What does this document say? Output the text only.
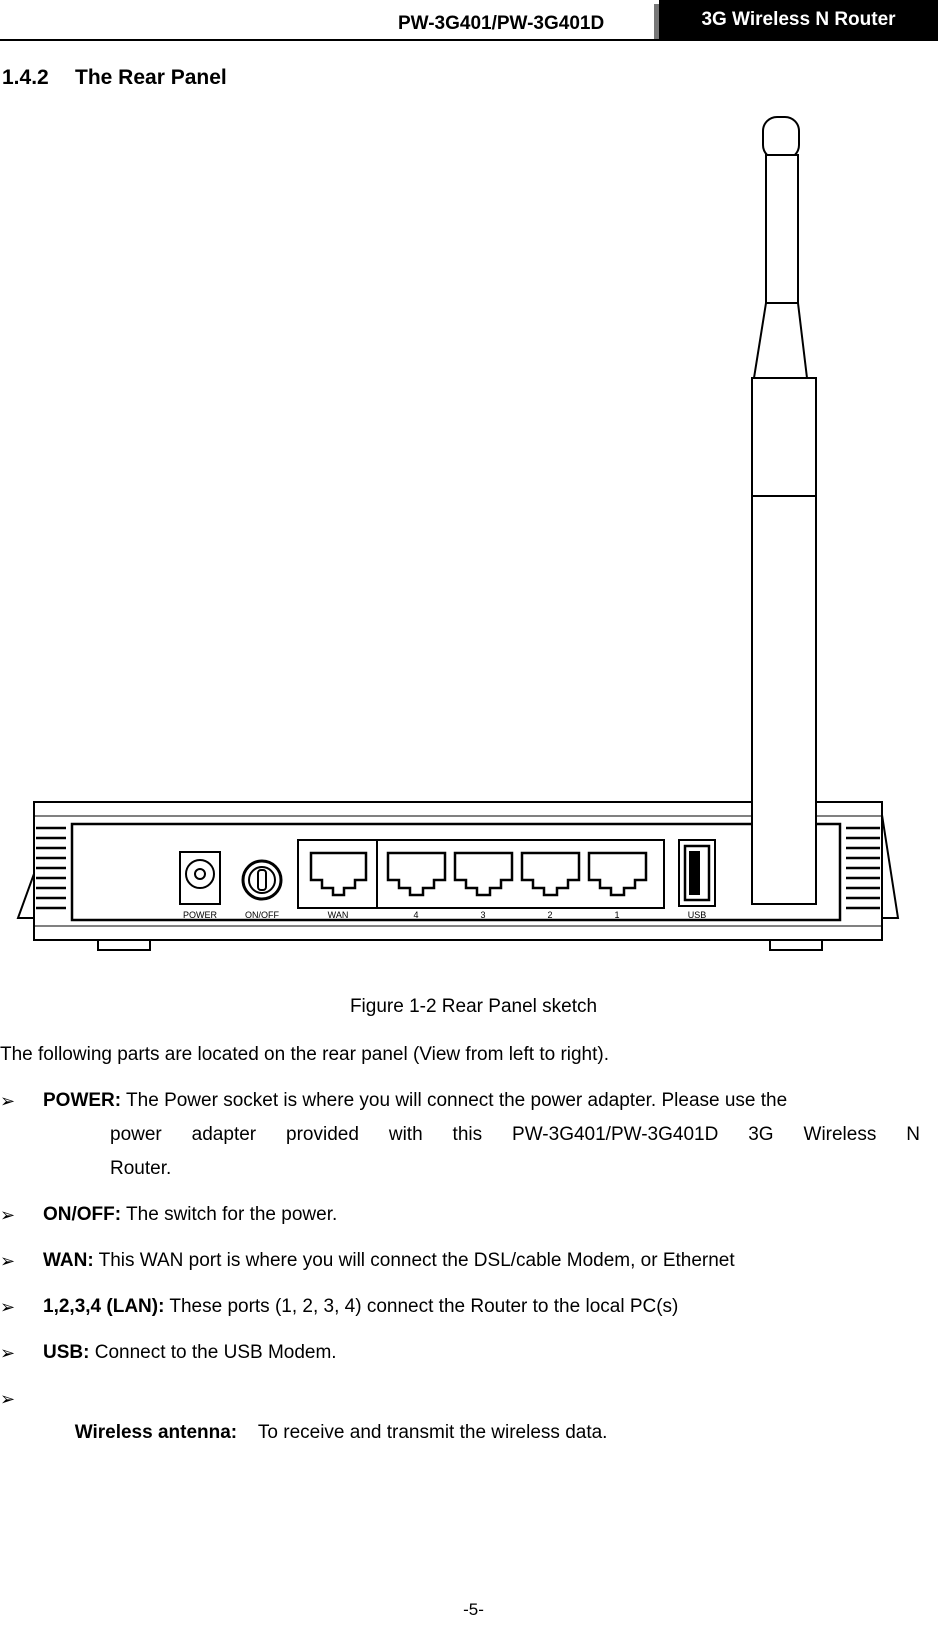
PW-3G401/PW-3G401D	3G Wireless N Router
1.4.2 The Rear Panel
POWER	ON/OFF	WAN	4	3	2	1	USB
Figure 1-2 Rear Panel sketch
The following parts are located on the rear panel (View from left to right).
➢ POWER: The Power socket is where you will connect the power adapter. Please use the
power adapter provided with this PW-3G401/PW-3G401D 3G Wireless N
Router.
➢ ON/OFF: The switch for the power.
➢ WAN: This WAN port is where you will connect the DSL/cable Modem, or Ethernet
➢ 1,2,3,4 (LAN): These ports (1, 2, 3, 4) connect the Router to the local PC(s)
➢ USB: Connect to the USB Modem.
➢

Wireless antenna:    To receive and transmit the wireless data.

-5-
